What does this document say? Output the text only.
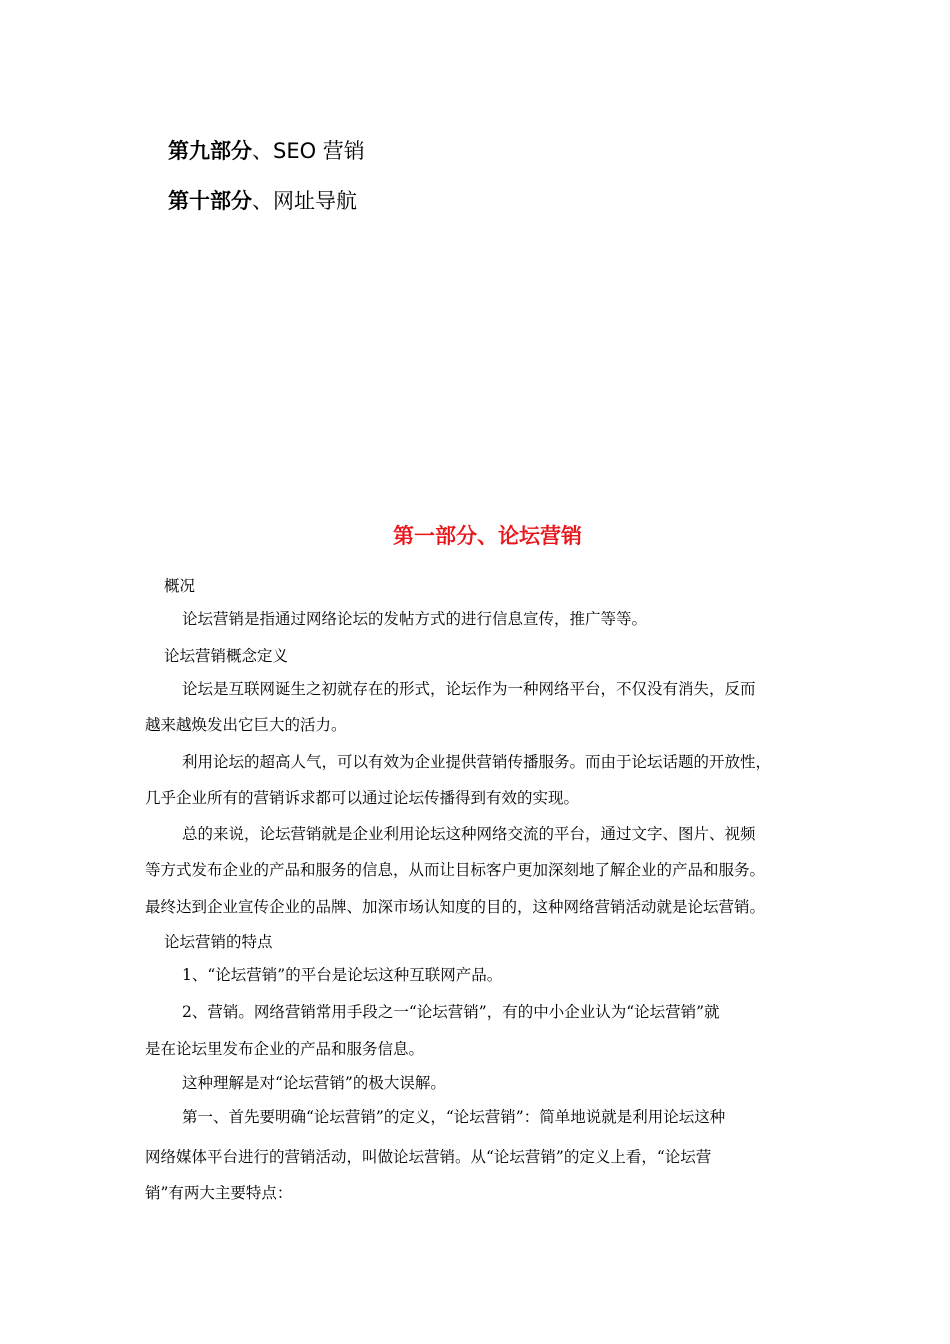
第九部分、SEO 营销
第十部分、网址导航
第一部分、论坛营销
概况
论坛营销是指通过网络论坛的发帖方式的进行信息宣传，推广等等。
论坛营销概念定义
论坛是互联网诞生之初就存在的形式，论坛作为一种网络平台，不仅没有消失，反而
越来越焕发出它巨大的活力。
利用论坛的超高人气，可以有效为企业提供营销传播服务。而由于论坛话题的开放性，
几乎企业所有的营销诉求都可以通过论坛传播得到有效的实现。
总的来说，论坛营销就是企业利用论坛这种网络交流的平台，通过文字、图片、视频
等方式发布企业的产品和服务的信息，从而让目标客户更加深刻地了解企业的产品和服务。
最终达到企业宣传企业的品牌、加深市场认知度的目的，这种网络营销活动就是论坛营销。
论坛营销的特点
1、“论坛营销”的平台是论坛这种互联网产品。
2、营销。网络营销常用手段之一“论坛营销”，有的中小企业认为“论坛营销”就
是在论坛里发布企业的产品和服务信息。
这种理解是对“论坛营销”的极大误解。
第一、首先要明确“论坛营销”的定义，“论坛营销”：简单地说就是利用论坛这种
网络媒体平台进行的营销活动，叫做论坛营销。从“论坛营销”的定义上看，“论坛营
销”有两大主要特点：
